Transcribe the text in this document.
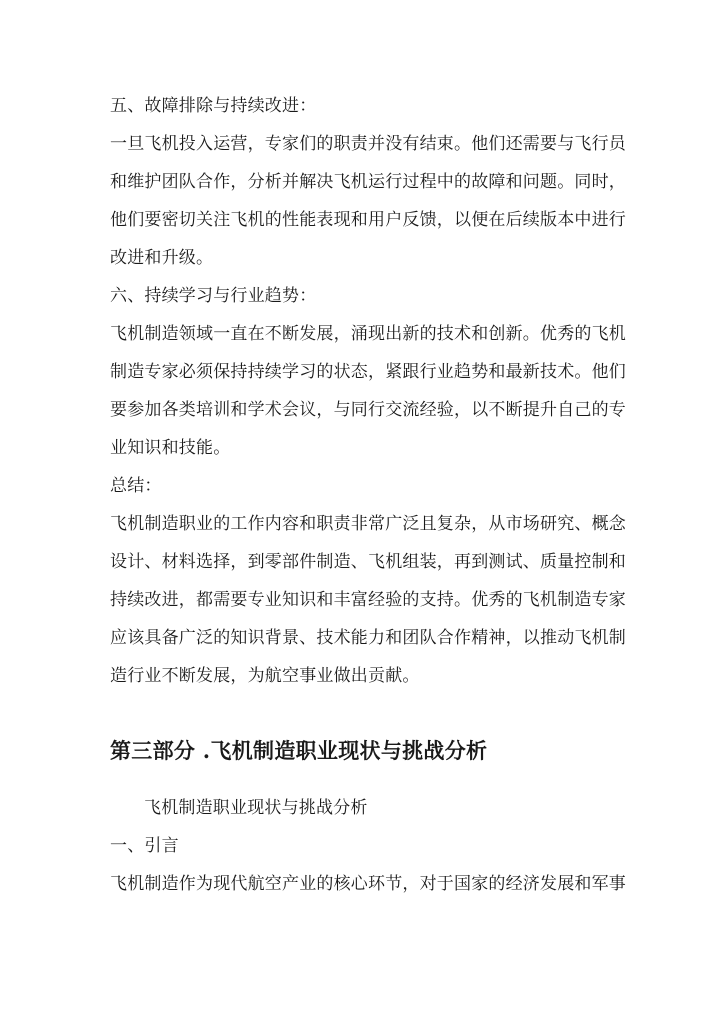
五、故障排除与持续改进：
一旦飞机投入运营，专家们的职责并没有结束。他们还需要与飞行员
和维护团队合作，分析并解决飞机运行过程中的故障和问题。同时，
他们要密切关注飞机的性能表现和用户反馈，以便在后续版本中进行
改进和升级。
六、持续学习与行业趋势：
飞机制造领域一直在不断发展，涌现出新的技术和创新。优秀的飞机
制造专家必须保持持续学习的状态，紧跟行业趋势和最新技术。他们
要参加各类培训和学术会议，与同行交流经验，以不断提升自己的专
业知识和技能。
总结：
飞机制造职业的工作内容和职责非常广泛且复杂，从市场研究、概念
设计、材料选择，到零部件制造、飞机组装，再到测试、质量控制和
持续改进，都需要专业知识和丰富经验的支持。优秀的飞机制造专家
应该具备广泛的知识背景、技术能力和团队合作精神，以推动飞机制
造行业不断发展，为航空事业做出贡献。
第三部分 .飞机制造职业现状与挑战分析
飞机制造职业现状与挑战分析
一、引言
飞机制造作为现代航空产业的核心环节，对于国家的经济发展和军事
